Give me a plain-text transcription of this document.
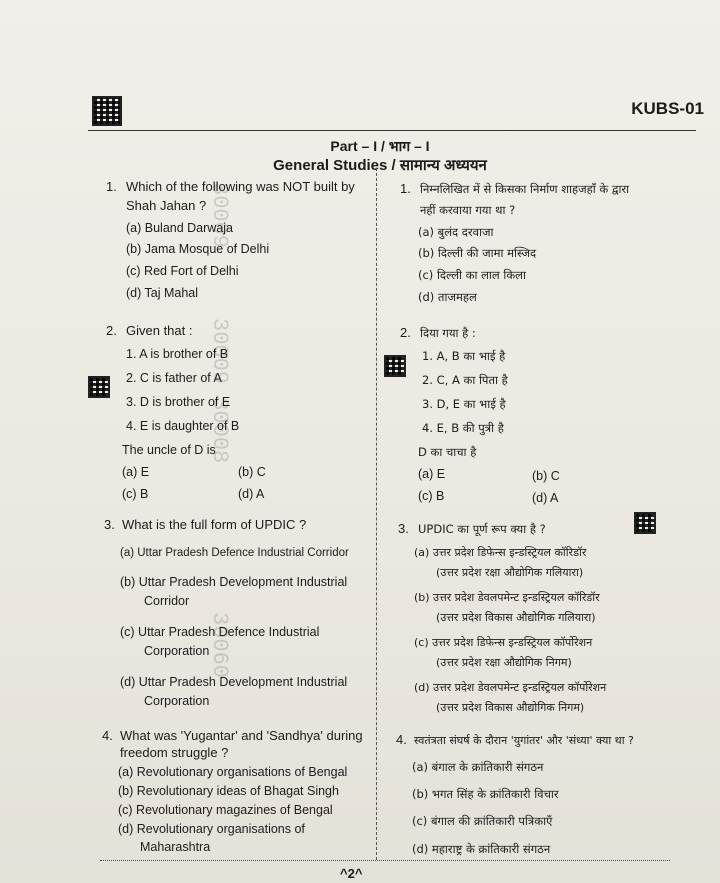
KUBS-01
Part – I / भाग – I
General Studies / सामान्य अध्ययन
30009
30009 30008
30060
1. Which of the following was NOT built by
Shah Jahan ?
(a) Buland Darwaja
(b) Jama Mosque of Delhi
(c) Red Fort of Delhi
(d) Taj Mahal
2. Given that :
1. A is brother of B
2. C is father of A
3. D is brother of E
4. E is daughter of B
The uncle of D is
(a) E	(b) C
(c) B	(d) A
3. What is the full form of UPDIC ?
(a) Uttar Pradesh Defence Industrial Corridor
(b) Uttar Pradesh Development Industrial
Corridor
(c) Uttar Pradesh Defence Industrial
Corporation
(d) Uttar Pradesh Development Industrial
Corporation
4. What was 'Yugantar' and 'Sandhya' during
freedom struggle ?
(a) Revolutionary organisations of Bengal
(b) Revolutionary ideas of Bhagat Singh
(c) Revolutionary magazines of Bengal
(d) Revolutionary organisations of
Maharashtra
1. निम्नलिखित में से किसका निर्माण शाहजहाँ के द्वारा
नहीं करवाया गया था ?
(a) बुलंद दरवाजा
(b) दिल्ली की जामा मस्जिद
(c) दिल्ली का लाल किला
(d) ताजमहल
2. दिया गया है :
1. A, B का भाई है
2. C, A का पिता है
3. D, E का भाई है
4. E, B की पुत्री है
D का चाचा है
(a) E	(b) C
(c) B	(d) A
3. UPDIC का पूर्ण रूप क्या है ?
(a) उत्तर प्रदेश डिफेन्स इन्डस्ट्रियल कॉरिडॉर
(उत्तर प्रदेश रक्षा औद्योगिक गलियारा)
(b) उत्तर प्रदेश डेवलपमेन्ट इन्डस्ट्रियल कॉरिडॉर
(उत्तर प्रदेश विकास औद्योगिक गलियारा)
(c) उत्तर प्रदेश डिफेन्स इन्डस्ट्रियल कॉर्पोरेशन
(उत्तर प्रदेश रक्षा औद्योगिक निगम)
(d) उत्तर प्रदेश डेवलपमेन्ट इन्डस्ट्रियल कॉर्पोरेशन
(उत्तर प्रदेश विकास औद्योगिक निगम)
4. स्वतंत्रता संघर्ष के दौरान 'युगांतर' और 'संध्या' क्या था ?
(a) बंगाल के क्रांतिकारी संगठन
(b) भगत सिंह के क्रांतिकारी विचार
(c) बंगाल की क्रांतिकारी पत्रिकाएँ
(d) महाराष्ट्र के क्रांतिकारी संगठन
^2^
